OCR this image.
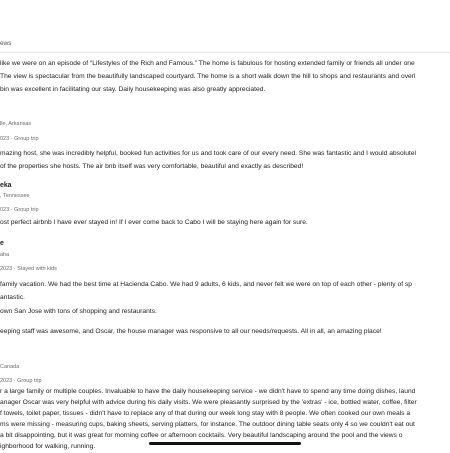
ews
like we were on an episode of “Lifestyles of the Rich and Famous.” The home is fabulous for hosting extended family or friends all under one
The view is spectacular from the beautifully landscaped courtyard. The home is a short walk down the hill to shops and restaurants and overl
bin was excellent in facilitating our stay. Daily housekeeping was also greatly appreciated.
lle, Arkansas
023 · Group trip
mazing host, she was incredibly helpful, booked fun activities for us and took care of our every need. She was fantastic and I would absolutel
of the properties she hosts. The air bnb itself was very comfortable, beautiful and exactly as described!
eka
, Tennessee
023 · Group trip
ost perfect airbnb I have ever stayed in! If I ever come back to Cabo I will be staying here again for sure.
e
aha
2023 · Stayed with kids
family vacation. We had the best time at Hacienda Cabo. We had 9 adults, 6 kids, and never felt we were on top of each other - plenty of sp
antastic.
own San Jose with tons of shopping and restaurants.
eeping staff was awesome, and Oscar, the house manager was responsive to all our needs/requests. All in all, an amazing place!
Canada
2023 · Group trip
r a large family or multiple couples. Invaluable to have the daily housekeeping service - we didn't have to spend any time doing dishes, laund
anager Oscar was very helpful with advice during his daily visits. We were pleasantly surprised by the 'extras' - ice, bottled water, coffee, filter
f towels, toilet paper, tissues - didn't have to replace any of that during our week long stay with 8 people. We often cooked our own meals a
ms were missing - measuring cups, baking sheets, serving platters, for instance. The outdoor dining table seats only 4 so we couldn't eat out
a bit disappointing, but it was great for morning coffee or afternoon cocktails. Very beautiful landscaping around the pool and the views o
ighborhood for walking, running.
